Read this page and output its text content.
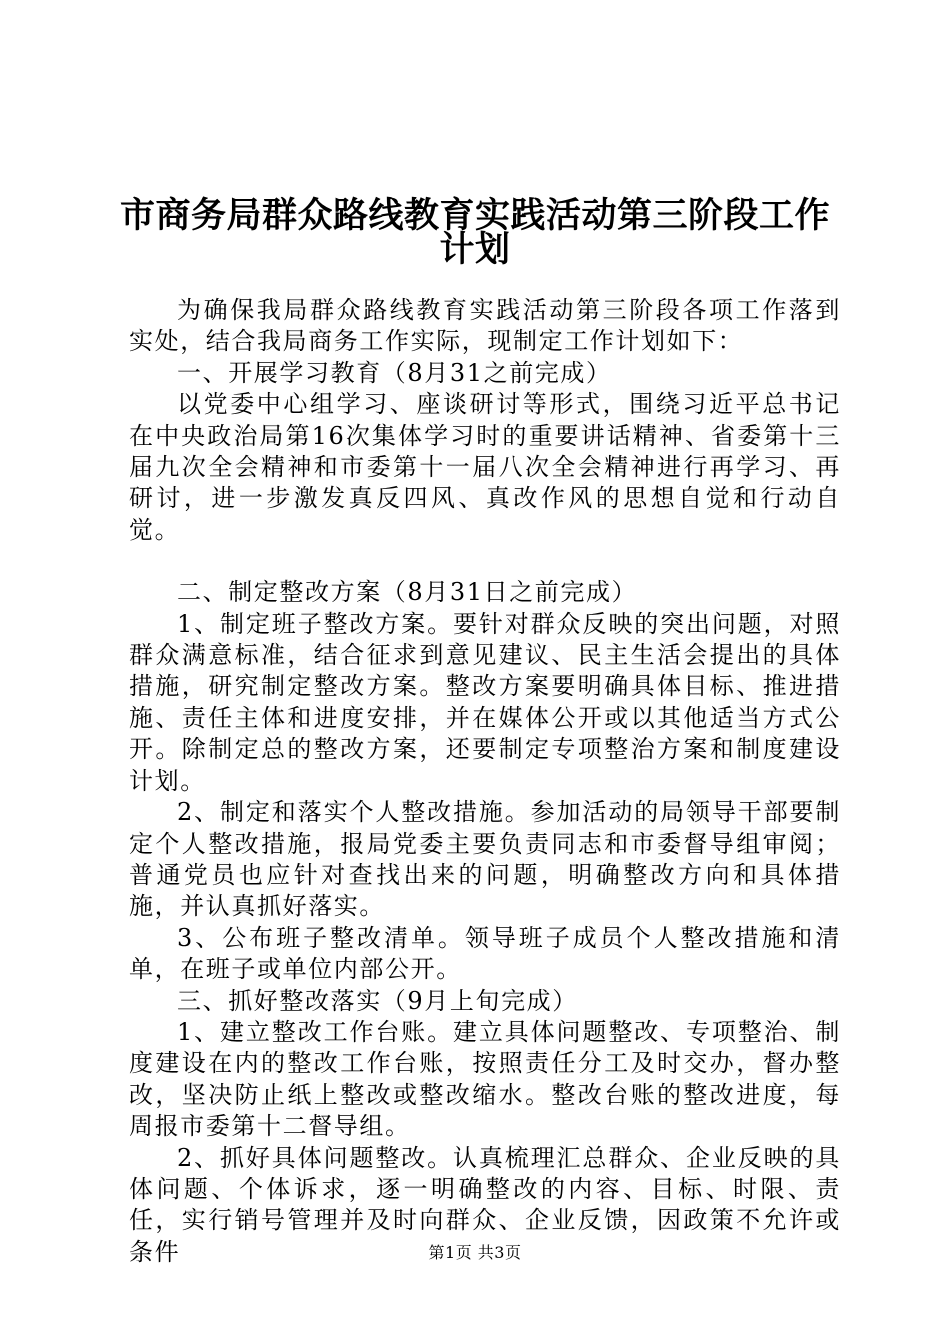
市商务局群众路线教育实践活动第三阶段工作
计划

为确保我局群众路线教育实践活动第三阶段各项工作落到实处，结合我局商务工作实际，现制定工作计划如下：

一、开展学习教育（8月31之前完成）

以党委中心组学习、座谈研讨等形式，围绕习近平总书记在中央政治局第16次集体学习时的重要讲话精神、省委第十三届九次全会精神和市委第十一届八次全会精神进行再学习、再研讨，进一步激发真反四风、真改作风的思想自觉和行动自觉。

二、制定整改方案（8月31日之前完成）

1、制定班子整改方案。要针对群众反映的突出问题，对照群众满意标准，结合征求到意见建议、民主生活会提出的具体措施，研究制定整改方案。整改方案要明确具体目标、推进措施、责任主体和进度安排，并在媒体公开或以其他适当方式公开。除制定总的整改方案，还要制定专项整治方案和制度建设计划。

2、制定和落实个人整改措施。参加活动的局领导干部要制定个人整改措施，报局党委主要负责同志和市委督导组审阅；普通党员也应针对查找出来的问题，明确整改方向和具体措施，并认真抓好落实。

3、公布班子整改清单。领导班子成员个人整改措施和清单，在班子或单位内部公开。

三、抓好整改落实（9月上旬完成）

1、建立整改工作台账。建立具体问题整改、专项整治、制度建设在内的整改工作台账，按照责任分工及时交办，督办整改，坚决防止纸上整改或整改缩水。整改台账的整改进度，每周报市委第十二督导组。

2、抓好具体问题整改。认真梳理汇总群众、企业反映的具体问题、个体诉求，逐一明确整改的内容、目标、时限、责任，实行销号管理并及时向群众、企业反馈，因政策不允许或条件	第1页 共3页
